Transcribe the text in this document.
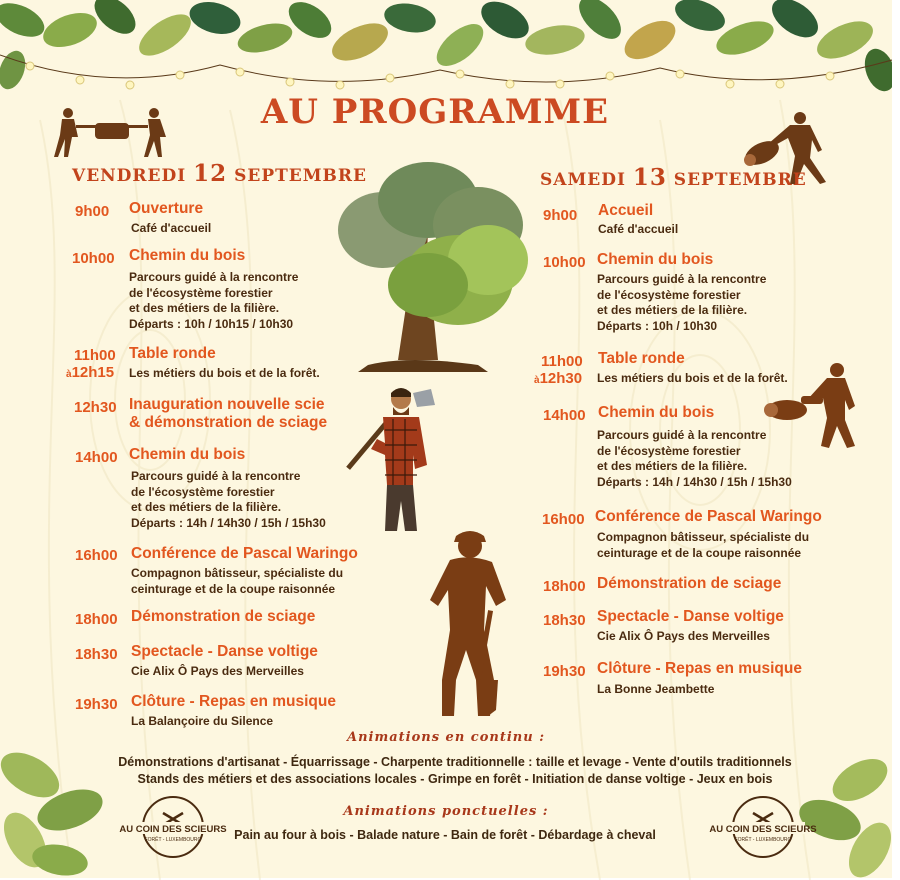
AU PROGRAMME
VENDREDI 12 SEPTEMBRE	SAMEDI 13 SEPTEMBRE
9h00 Ouverture
Café d'accueil
10h00 Chemin du bois
Parcours guidé à la rencontre
de l'écosystème forestier
et des métiers de la filière.
Départs : 10h / 10h15 / 10h30
11h00
à12h15
Table ronde
Les métiers du bois et de la forêt.
12h30 Inauguration nouvelle scie
& démonstration de sciage
14h00 Chemin du bois
Parcours guidé à la rencontre
de l'écosystème forestier
et des métiers de la filière.
Départs : 14h / 14h30 / 15h / 15h30
16h00 Conférence de Pascal Waringo
Compagnon bâtisseur, spécialiste du
ceinturage et de la coupe raisonnée
18h00 Démonstration de sciage
18h30 Spectacle - Danse voltige
Cie Alix Ô Pays des Merveilles
19h30 Clôture - Repas en musique
La Balançoire du Silence
9h00 Accueil
Café d'accueil
10h00 Chemin du bois
Parcours guidé à la rencontre
de l'écosystème forestier
et des métiers de la filière.
Départs : 10h / 10h30
11h00
à12h30
Table ronde
Les métiers du bois et de la forêt.
14h00 Chemin du bois
Parcours guidé à la rencontre
de l'écosystème forestier
et des métiers de la filière.
Départs : 14h / 14h30 / 15h / 15h30
16h00 Conférence de Pascal Waringo
Compagnon bâtisseur, spécialiste du
ceinturage et de la coupe raisonnée
18h00 Démonstration de sciage
18h30 Spectacle - Danse voltige
Cie Alix Ô Pays des Merveilles
19h30 Clôture - Repas en musique
La Bonne Jeambette
Animations en continu :
Démonstrations d'artisanat - Équarrissage - Charpente traditionnelle : taille et levage - Vente d'outils traditionnels
Stands des métiers et des associations locales - Grimpe en forêt - Initiation de danse voltige - Jeux en bois
Animations ponctuelles :
Pain au four à bois - Balade nature - Bain de forêt - Débardage à cheval
AU COIN DES SCIEURS
FORÊT - LUXEMBOURG
AU COIN DES SCIEURS
FORÊT - LUXEMBOURG
